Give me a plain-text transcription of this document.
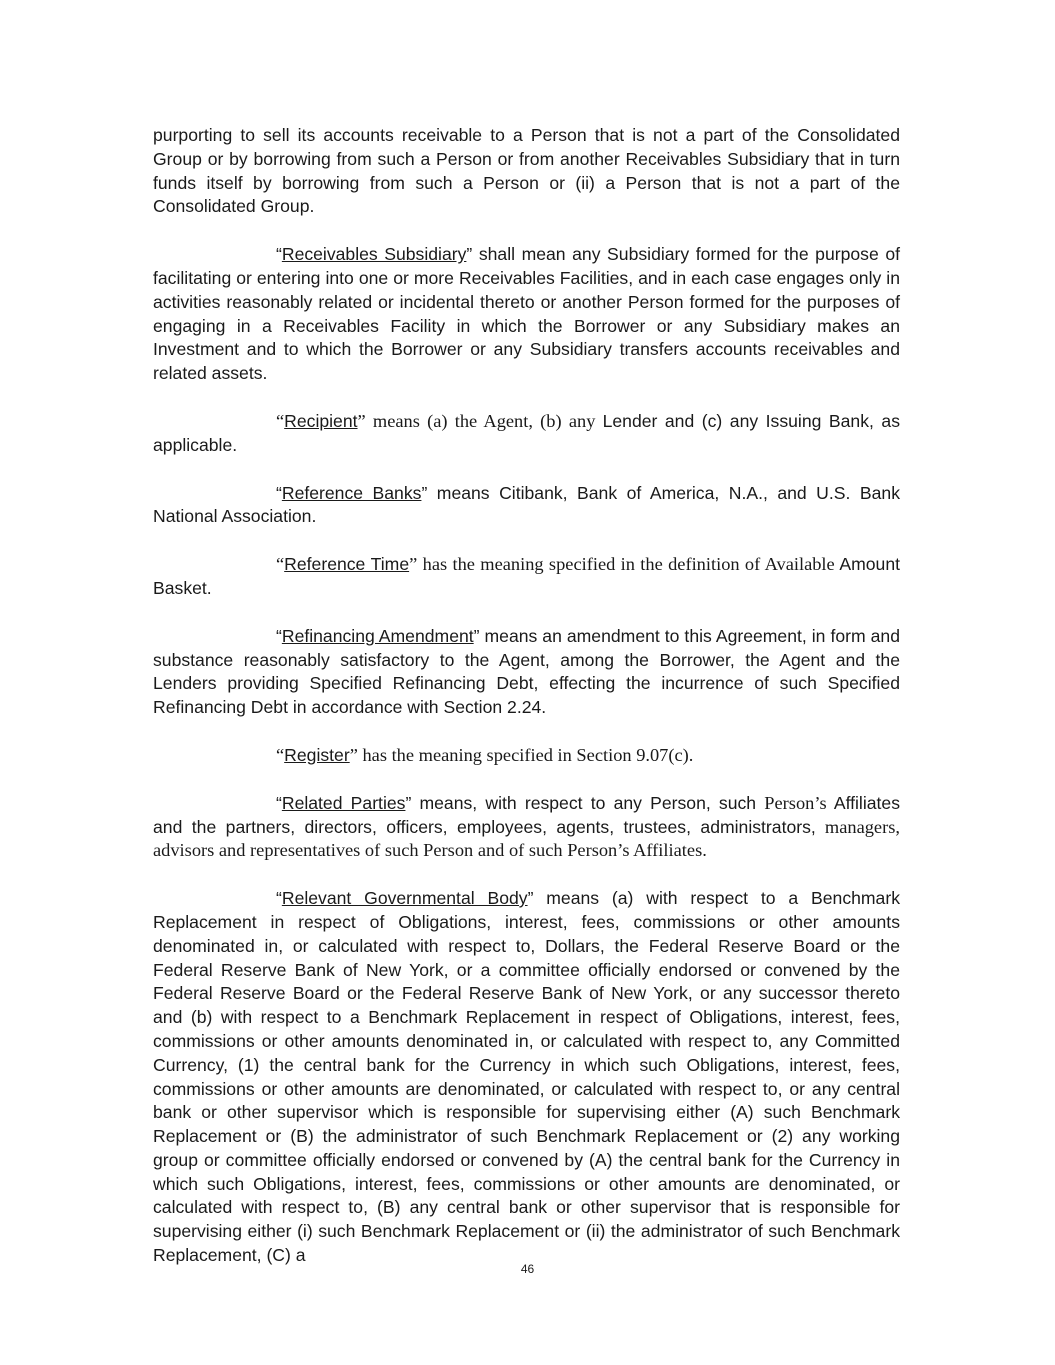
purporting to sell its accounts receivable to a Person that is not a part of the Consolidated Group or by borrowing from such a Person or from another Receivables Subsidiary that in turn funds itself by borrowing from such a Person or (ii) a Person that is not a part of the Consolidated Group.

“Receivables Subsidiary” shall mean any Subsidiary formed for the purpose of facilitating or entering into one or more Receivables Facilities, and in each case engages only in activities reasonably related or incidental thereto or another Person formed for the purposes of engaging in a Receivables Facility in which the Borrower or any Subsidiary makes an Investment and to which the Borrower or any Subsidiary transfers accounts receivables and related assets.

“Recipient” means (a) the Agent, (b) any Lender and (c) any Issuing Bank, as applicable.

“Reference Banks” means Citibank, Bank of America, N.A., and U.S. Bank National Association.

“Reference Time” has the meaning specified in the definition of Available Amount Basket.

“Refinancing Amendment” means an amendment to this Agreement, in form and substance reasonably satisfactory to the Agent, among the Borrower, the Agent and the Lenders providing Specified Refinancing Debt, effecting the incurrence of such Specified Refinancing Debt in accordance with Section 2.24.

“Register” has the meaning specified in Section 9.07(c).

“Related Parties” means, with respect to any Person, such Person’s Affiliates and the partners, directors, officers, employees, agents, trustees, administrators, managers, advisors and representatives of such Person and of such Person’s Affiliates.

“Relevant Governmental Body” means (a) with respect to a Benchmark Replacement in respect of Obligations, interest, fees, commissions or other amounts denominated in, or calculated with respect to, Dollars, the Federal Reserve Board or the Federal Reserve Bank of New York, or a committee officially endorsed or convened by the Federal Reserve Board or the Federal Reserve Bank of New York, or any successor thereto and (b) with respect to a Benchmark Replacement in respect of Obligations, interest, fees, commissions or other amounts denominated in, or calculated with respect to, any Committed Currency, (1) the central bank for the Currency in which such Obligations, interest, fees, commissions or other amounts are denominated, or calculated with respect to, or any central bank or other supervisor which is responsible for supervising either (A) such Benchmark Replacement or (B) the administrator of such Benchmark Replacement or (2) any working group or committee officially endorsed or convened by (A) the central bank for the Currency in which such Obligations, interest, fees, commissions or other amounts are denominated, or calculated with respect to, (B) any central bank or other supervisor that is responsible for supervising either (i) such Benchmark Replacement or (ii) the administrator of such Benchmark Replacement, (C) a

46
